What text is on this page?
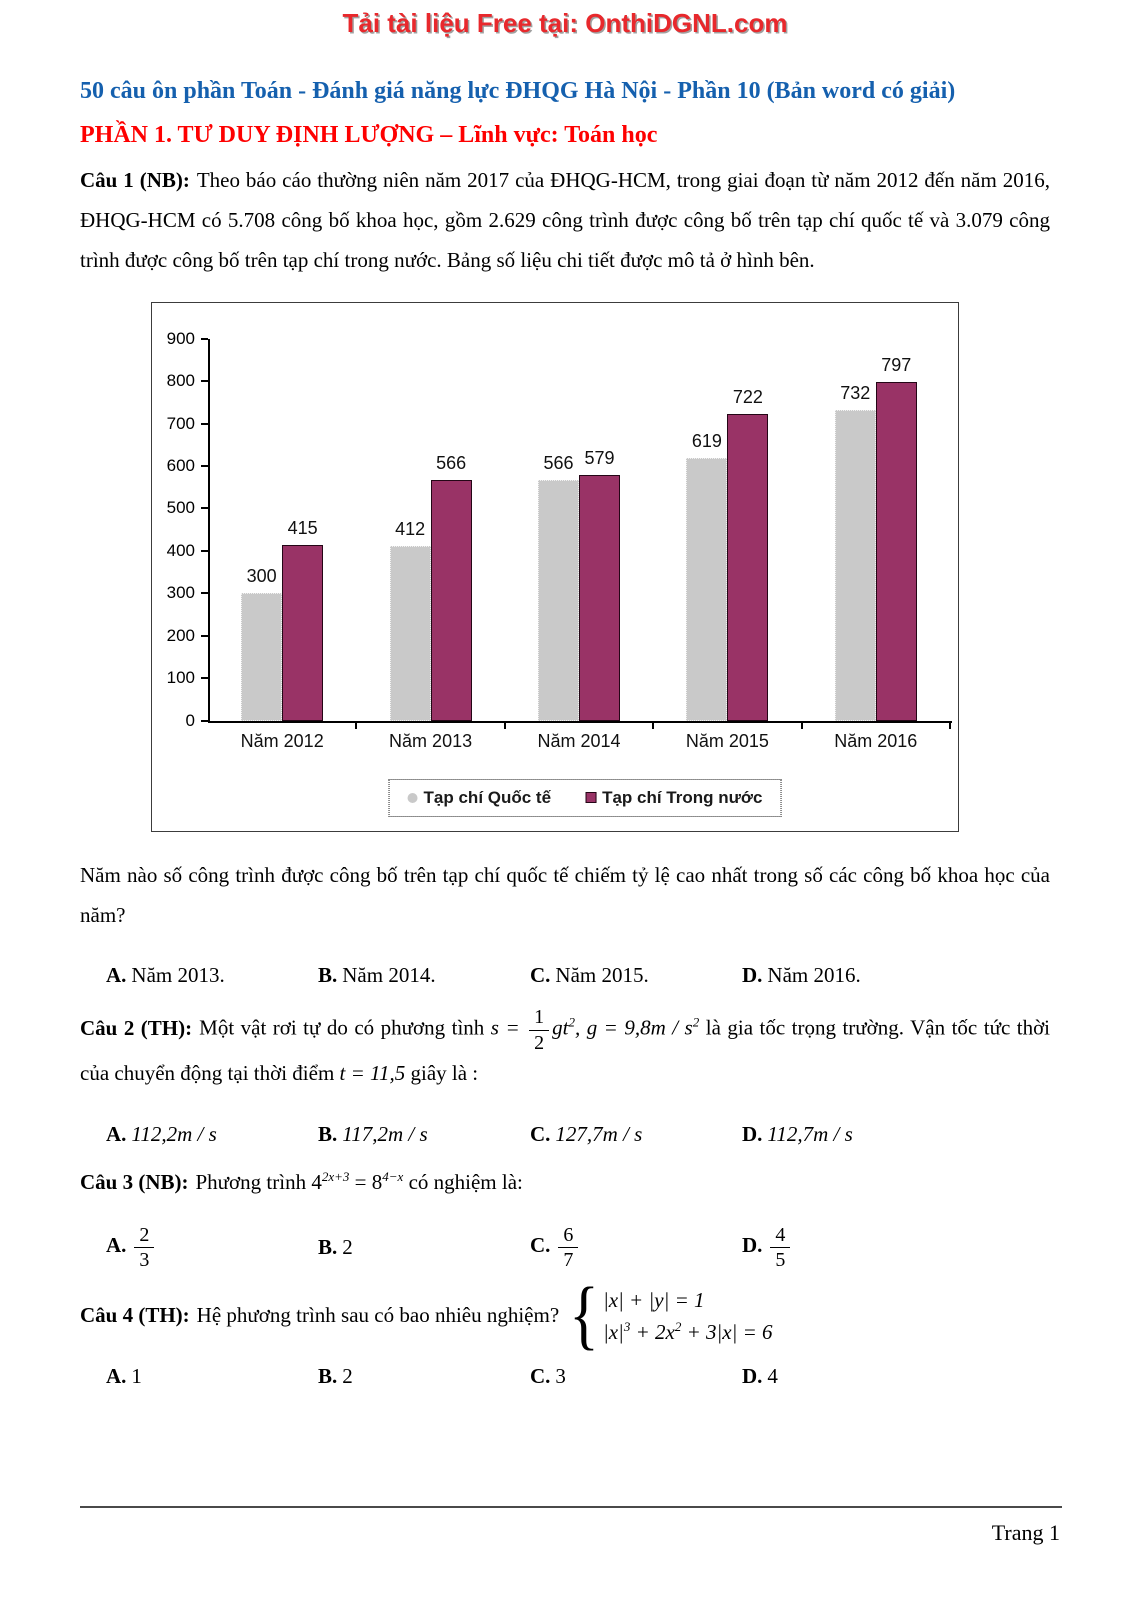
Tải tài liệu Free tại: OnthiDGNL.com
50 câu ôn phần Toán - Đánh giá năng lực ĐHQG Hà Nội - Phần 10 (Bản word có giải)
PHẦN 1. TƯ DUY ĐỊNH LƯỢNG – Lĩnh vực: Toán học

Câu 1 (NB): Theo báo cáo thường niên năm 2017 của ĐHQG-HCM, trong giai đoạn từ năm 2012 đến năm 2016, ĐHQG-HCM có 5.708 công bố khoa học, gồm 2.629 công trình được công bố trên tạp chí quốc tế và 3.079 công trình được công bố trên tạp chí trong nước. Bảng số liệu chi tiết được mô tả ở hình bên.

Tạp chí Quốc tế	Tạp chí Trong nước
0
100
200
300
400
500
600
700
800
900
300
415
Năm 2012
412
566
Năm 2013
566 579
Năm 2014
619
722
Năm 2015
732
797
Năm 2016

Năm nào số công trình được công bố trên tạp chí quốc tế chiếm tỷ lệ cao nhất trong số các công bố khoa học của năm?

A. Năm 2013.	B. Năm 2014.	C. Năm 2015.	D. Năm 2016.

Câu 2 (TH): Một vật rơi tự do có phương tình $s = \frac{1}{2} gt^2$, $g = 9,8m / s^2$ là gia tốc trọng trường. Vận tốc tức thời của chuyển động tại thời điểm t = 11,5 giây là :

A. 112,2m / s	B. 117,2m / s	C. 127,7m / s	D. 112,7m / s

Câu 3 (NB): Phương trình $4^{2x+3} = 8^{4-x}$ có nghiệm là:

A. $\frac{2}{3}$	B. 2	C. $\frac{6}{7}$	D. $\frac{4}{5}$
Câu 4 (TH): Hệ phương trình sau có bao nhiêu nghiệm? { |x| + |y| = 1
$|x|^3 + 2x^2 + 3|x| = 6$
A. 1	B. 2	C. 3	D. 4
Trang 1
